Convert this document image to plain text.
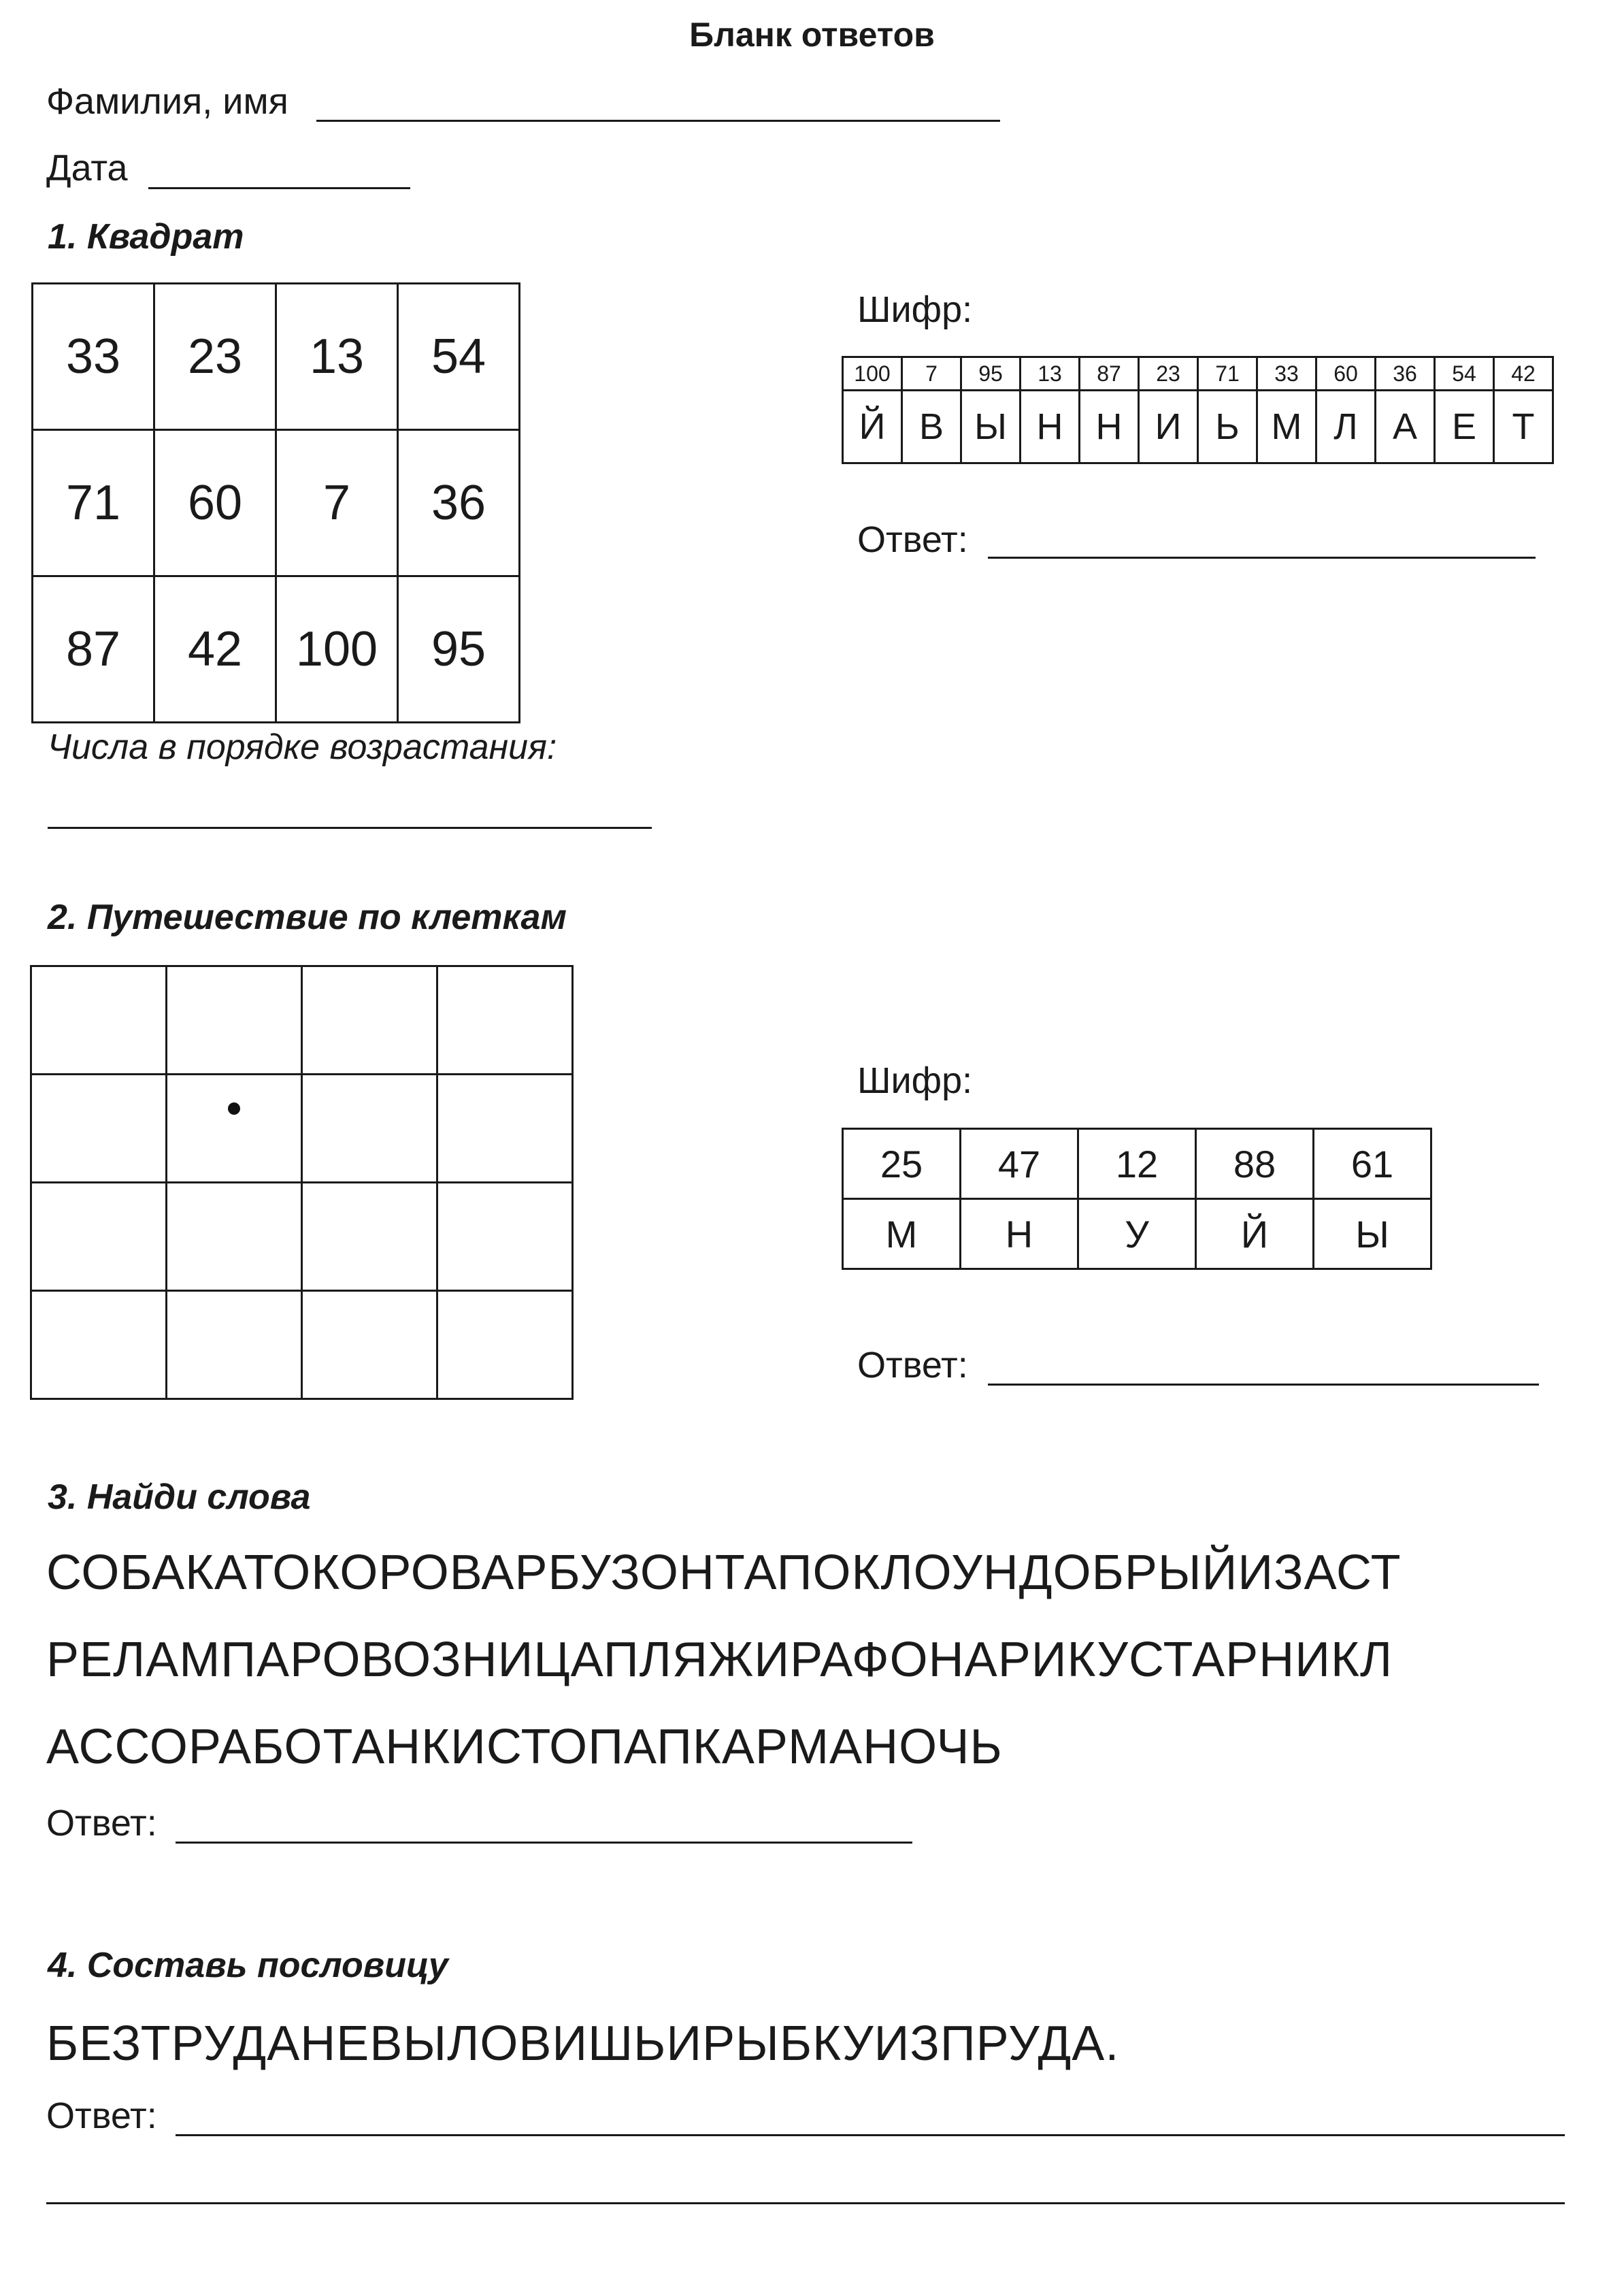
Бланк ответов
Фамилия, имя
Дата
1. Квадрат
33	23	13	54
71	60	7	36
87	42	100	95
Шифр:
100	7	95	13	87	23	71	33	60	36	54	42
Й	В	Ы	Н	Н	И	Ь	М	Л	А	Е	Т
Ответ:
Числа в порядке возрастания:
2. Путешествие по клеткам

Шифр:
25	47	12	88	61
М	Н	У	Й	Ы
Ответ:
3. Найди слова
СОБАКАТОКОРОВАРБУЗОНТАПОКЛОУНДОБРЫЙИЗАСТ
РЕЛАМПАРОВОЗНИЦАПЛЯЖИРАФОНАРИКУСТАРНИКЛ
АССОРАБОТАНКИСТОПАПКАРМАНОЧЬ
Ответ:
4. Составь пословицу
БЕЗТРУДАНЕВЫЛОВИШЬИРЫБКУИЗПРУДА.
Ответ:
